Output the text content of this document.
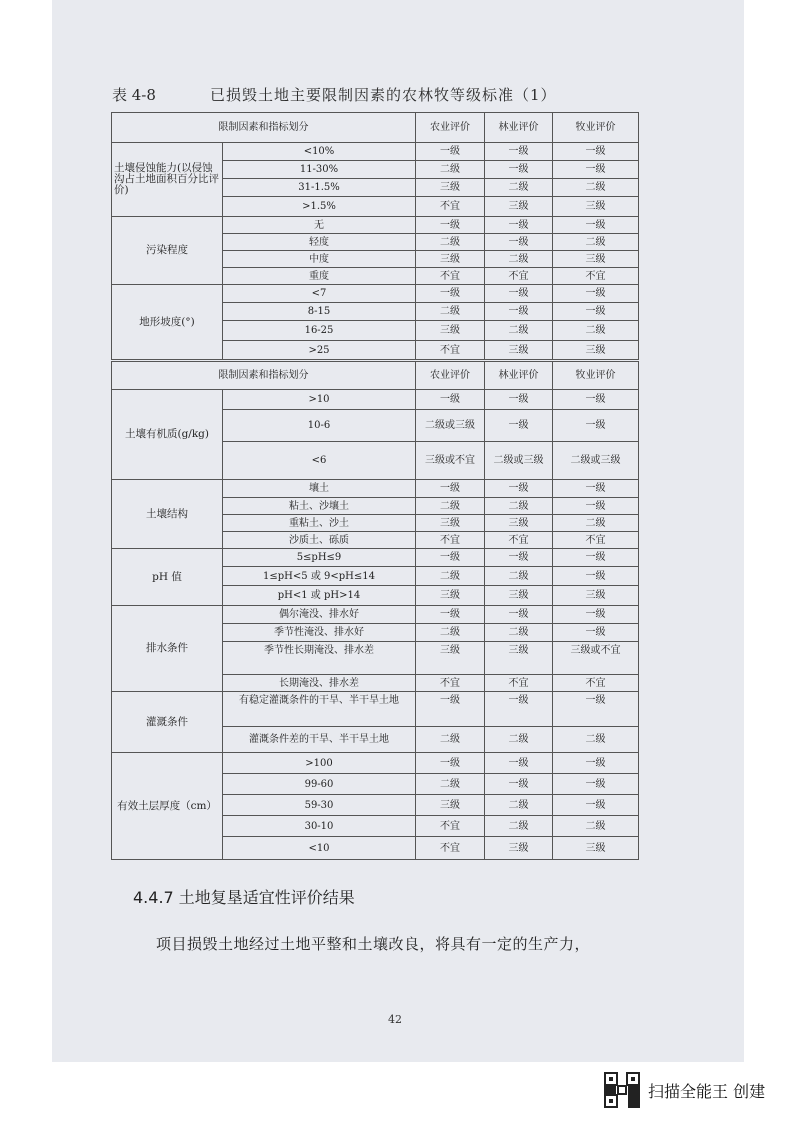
表 4-8	已损毁土地主要限制因素的农林牧等级标准（1）
限制因素和指标划分		农业评价	林业评价	牧业评价
土壤侵蚀能力(以侵蚀沟占土地面积百分比评价)	<10%	一级	一级	一级
	11-30%	二级	一级	一级
	31-1.5%	三级	二级	二级
	>1.5%	不宜	三级	三级
污染程度	无	一级	一级	一级
	轻度	二级	一级	二级
	中度	三级	二级	三级
	重度	不宜	不宜	不宜
地形坡度(°)	<7	一级	一级	一级
	8-15	二级	一级	一级
	16-25	三级	二级	二级
	>25	不宜	三级	三级
限制因素和指标划分		农业评价	林业评价	牧业评价
土壤有机质(g/kg)	>10	一级	一级	一级
	10-6	二级或三级	一级	一级
	<6	三级或不宜	二级或三级	二级或三级
土壤结构	壤土	一级	一级	一级
	粘土、沙壤土	二级	二级	一级
	重粘土、沙土	三级	三级	二级
	沙质土、砾质	不宜	不宜	不宜
pH 值	5≤pH≤9	一级	一级	一级
	1≤pH<5 或 9<pH≤14	二级	二级	一级
	pH<1 或 pH>14	三级	三级	三级
排水条件	偶尔淹没、排水好	一级	一级	一级
	季节性淹没、排水好	二级	二级	一级
	季节性长期淹没、排水差	三级	三级	三级或不宜
	长期淹没、排水差	不宜	不宜	不宜
灌溉条件	有稳定灌溉条件的干旱、半干旱土地	一级	一级	一级
	灌溉条件差的干旱、半干旱土地	二级	二级	二级
有效土层厚度（cm）	>100	一级	一级	一级
	99-60	二级	一级	一级
	59-30	三级	二级	一级
	30-10	不宜	二级	二级
	<10	不宜	三级	三级
4.4.7 土地复垦适宜性评价结果
项目损毁土地经过土地平整和土壤改良，将具有一定的生产力，
42
扫描全能王 创建
